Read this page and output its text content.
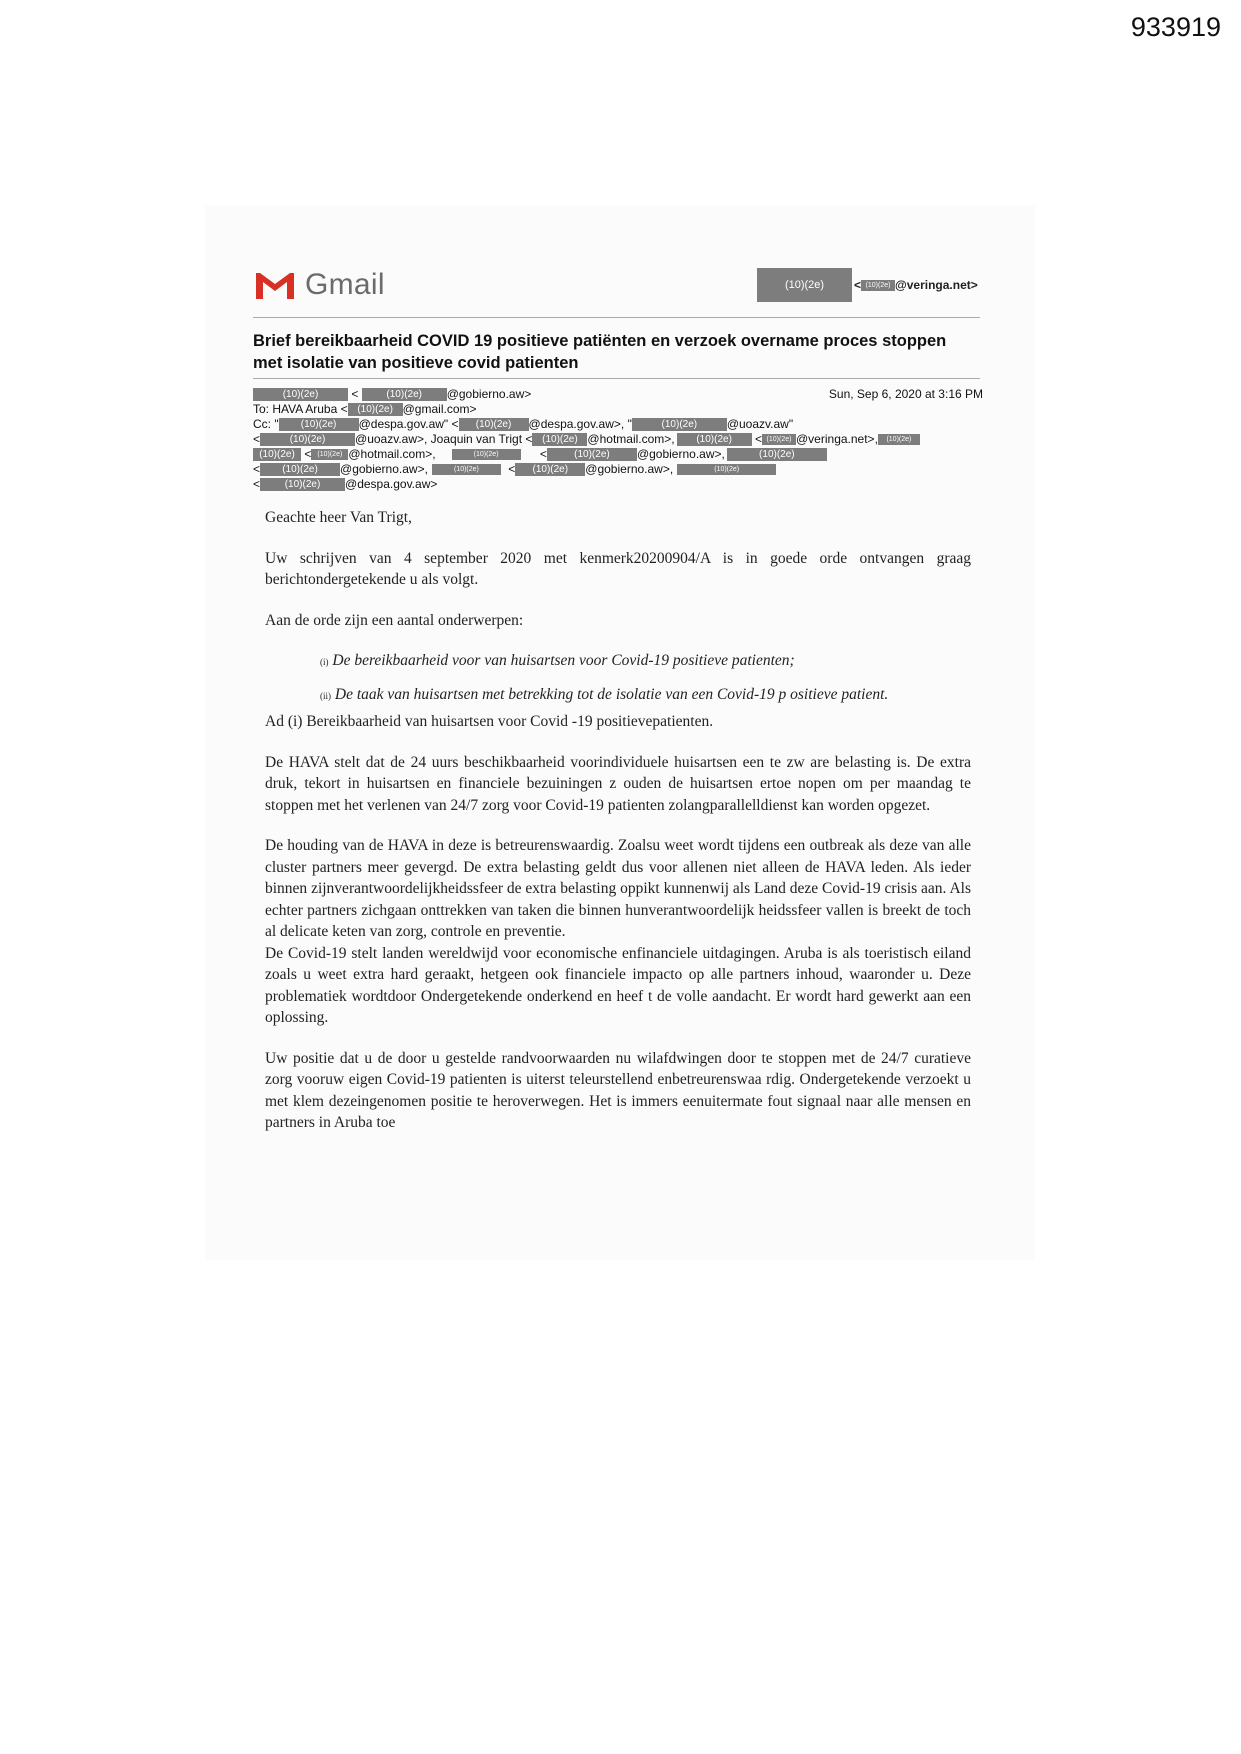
933919
Gmail	(10)(2e)	< (10)(2e) @veringa.net>
Brief bereikbaarheid COVID 19 positieve patiënten en verzoek overname proces stoppen met isolatie van positieve covid patienten
(10)(2e)	<	(10)(2e) @gobierno.aw>	Sun, Sep 6, 2020 at 3:16 PM
To: HAVA Aruba < (10)(2e) @gmail.com>
Cc: " (10)(2e) @despa.gov.aw" < (10)(2e) @despa.gov.aw>, "	(10)(2e) @uoazv.aw"
<	(10)(2e) @uoazv.aw>, Joaquin van Trigt < (10)(2e) @hotmail.com>, (10)(2e) < (10)(2e) @veringa.net>, (10)(2e)
(10)(2e) < (10)(2e) @hotmail.com>,	(10)(2e)	<	(10)(2e) @gobierno.aw>,	(10)(2e)
< (10)(2e) @gobierno.aw>,	(10)(2e) < (10)(2e) @gobierno.aw>,	(10)(2e)
< (10)(2e) @despa.gov.aw>

Geachte heer Van Trigt,

Uw schrijven van 4 september 2020 met kenmerk20200904/A is in goede orde ontvangen graag berichtondergetekende u als volgt.

Aan de orde zijn een aantal onderwerpen:

(i) De bereikbaarheid voor van huisartsen voor Covid-19 positieve patienten;

(ii) De taak van huisartsen met betrekking tot de isolatie van een Covid-19 p ositieve patient.

Ad (i) Bereikbaarheid van huisartsen voor Covid -19 positievepatienten.

De HAVA stelt dat de 24 uurs beschikbaarheid voorindividuele huisartsen een te zw are belasting is. De extra druk, tekort in huisartsen en financiele bezuiningen z ouden de huisartsen ertoe nopen om per maandag te stoppen met het verlenen van 24/7 zorg voor Covid-19 patienten zolangparallelldienst kan worden opgezet.

De houding van de HAVA in deze is betreurenswaardig. Zoalsu weet wordt tijdens een outbreak als deze van alle cluster partners meer gevergd. De extra belasting geldt dus voor allenen niet alleen de HAVA leden. Als ieder binnen zijnverantwoordelijkheidssfeer de extra belasting oppikt kunnenwij als Land deze Covid-19 crisis aan. Als echter partners zichgaan onttrekken van taken die binnen hunverantwoordelijk heidssfeer vallen is breekt de toch al delicate keten van zorg, controle en preventie.

De Covid-19 stelt landen wereldwijd voor economische enfinanciele uitdagingen. Aruba is als toeristisch eiland zoals u weet extra hard geraakt, hetgeen ook financiele impacto op alle partners inhoud, waaronder u. Deze problematiek wordtdoor Ondergetekende onderkend en heef t de volle aandacht. Er wordt hard gewerkt aan een oplossing.

Uw positie dat u de door u gestelde randvoorwaarden nu wilafdwingen door te stoppen met de 24/7 curatieve zorg vooruw eigen Covid-19 patienten is uiterst teleurstellend enbetreurenswaa rdig. Ondergetekende verzoekt u met klem dezeingenomen positie te heroverwegen. Het is immers eenuitermate fout signaal naar alle mensen en partners in Aruba toe
